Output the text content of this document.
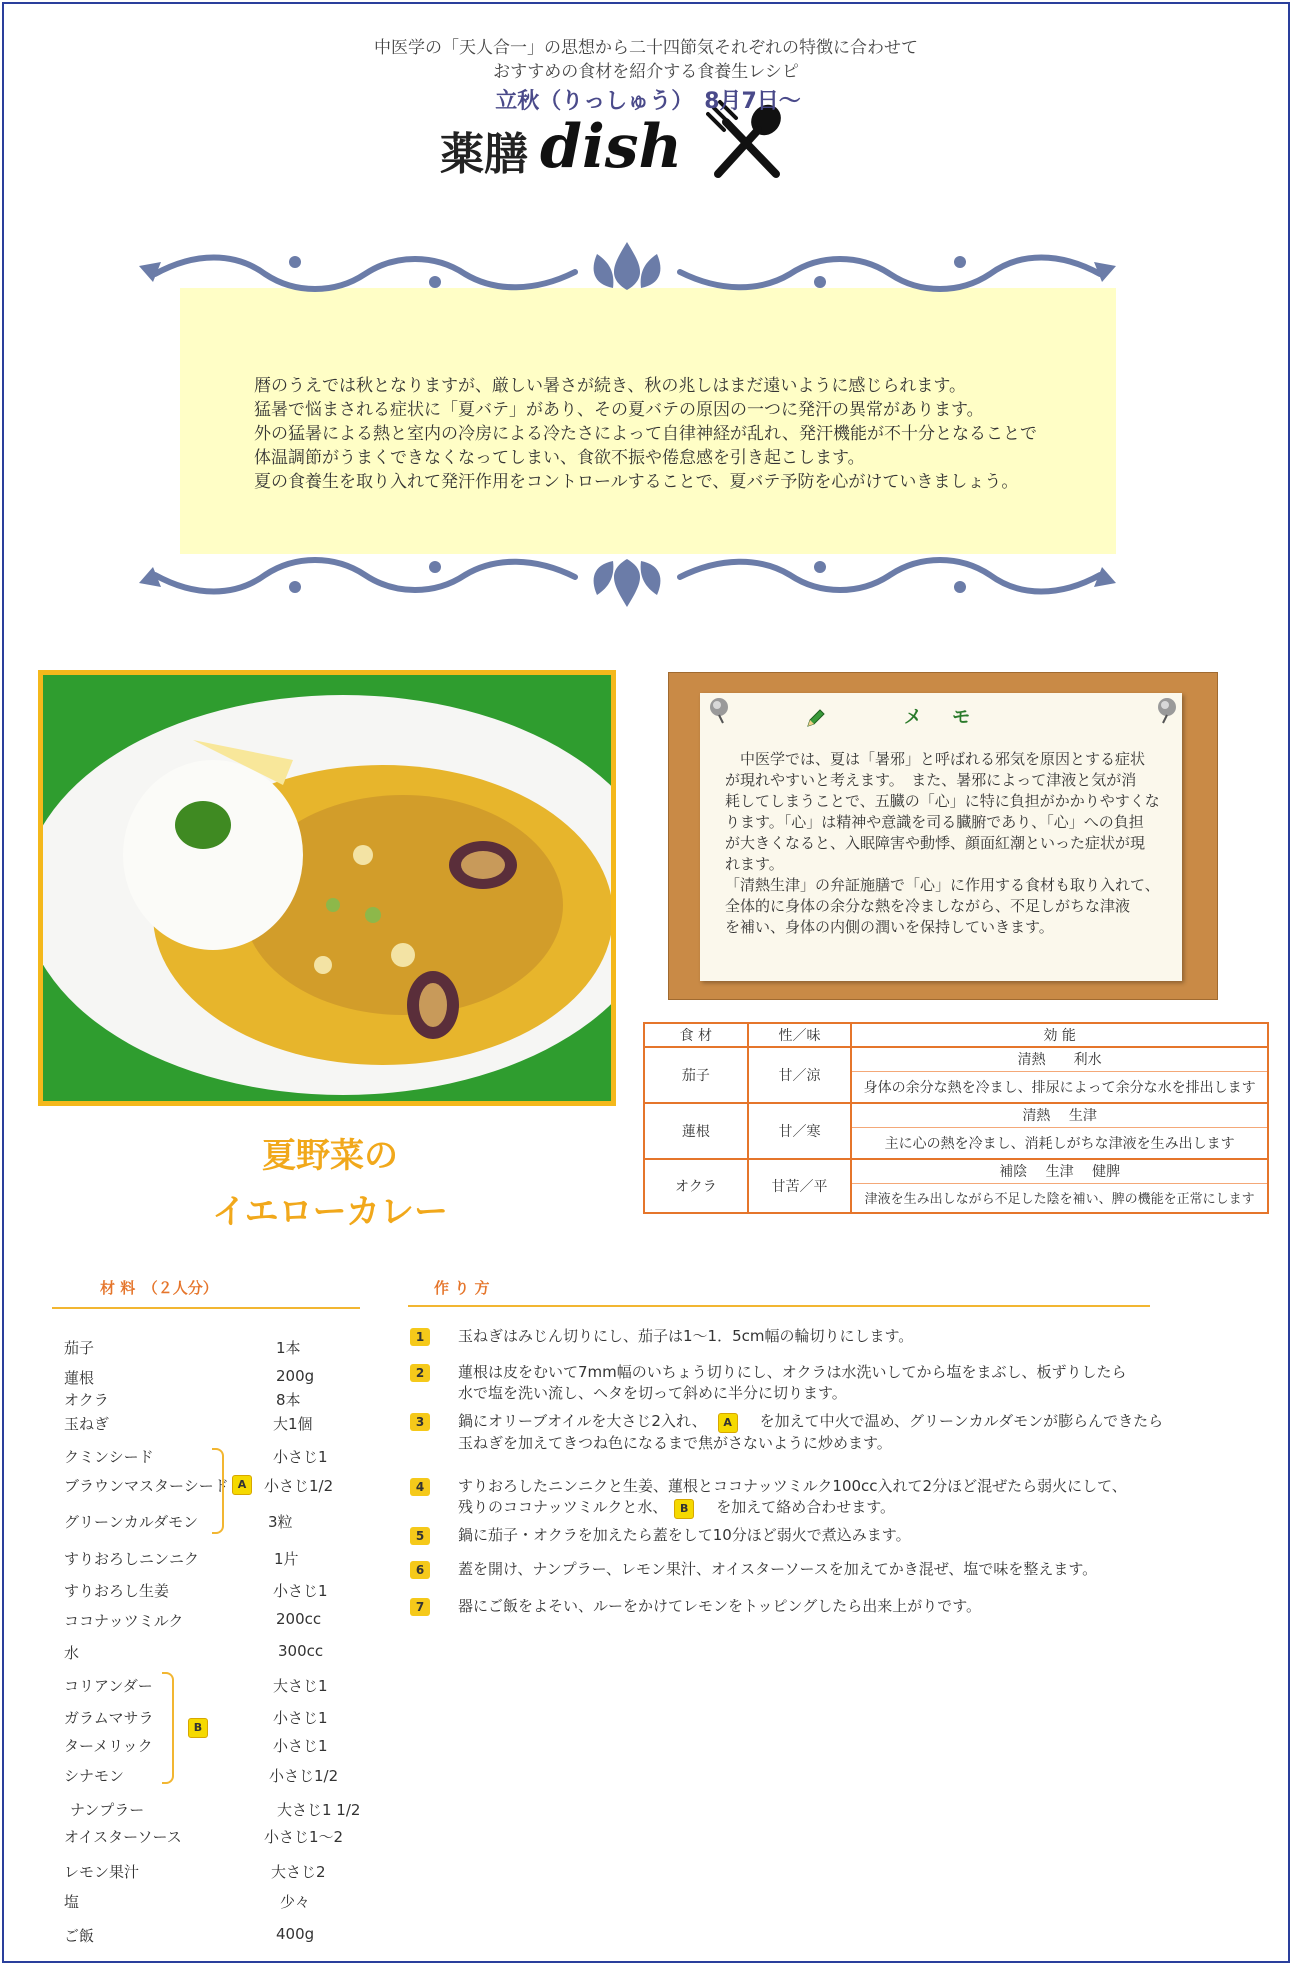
中医学の「天人合一」の思想から二十四節気それぞれの特徴に合わせて
おすすめの食材を紹介する食養生レシピ
薬膳 dish
立秋（りっしゅう）　8月7日～
暦のうえでは秋となりますが、厳しい暑さが続き、秋の兆しはまだ遠いように感じられます。
猛暑で悩まされる症状に「夏バテ」があり、その夏バテの原因の一つに発汗の異常があります。
外の猛暑による熱と室内の冷房による冷たさによって自律神経が乱れ、発汗機能が不十分となることで
体温調節がうまくできなくなってしまい、食欲不振や倦怠感を引き起こします。
夏の食養生を取り入れて発汗作用をコントロールすることで、夏バテ予防を心がけていきましょう。
夏野菜の
イエローカレー
メ モ
　中医学では、夏は「暑邪」と呼ばれる邪気を原因とする症状
が現れやすいと考えます。　また、暑邪によって津液と気が消
耗してしまうことで、五臓の「心」に特に負担がかかりやすくな
ります。「心」は精神や意識を司る臓腑であり、「心」への負担
が大きくなると、入眠障害や動悸、顔面紅潮といった症状が現
れます。
「清熱生津」の弁証施膳で「心」に作用する食材も取り入れて、
全体的に身体の余分な熱を冷ましながら、不足しがちな津液
を補い、身体の内側の潤いを保持していきます。
食 材	性／味	効 能
茄子	甘／涼	清熱　　利水
		身体の余分な熱を冷まし、排尿によって余分な水を排出します
蓮根	甘／寒	清熱　 生津
		主に心の熱を冷まし、消耗しがちな津液を生み出します
オクラ	甘苦／平	補陰　 生津　 健脾
		津液を生み出しながら不足した陰を補い、脾の機能を正常にします
材 料　（２人分）	作 り 方
茄子	1本
蓮根	200g
オクラ	8本
玉ねぎ	大1個
クミンシード	小さじ1
ブラウンマスターシード 小さじ1/2
グリーンカルダモン	3粒
A
すりおろしニンニク	1片
すりおろし生姜	小さじ1
ココナッツミルク	200cc
水	300cc
コリアンダー	大さじ1
ガラムマサラ	小さじ1
ターメリック	小さじ1
シナモン	小さじ1/2
B
ナンプラー	大さじ1 1/2
オイスターソース	小さじ1～2
レモン果汁	大さじ2
塩	少々
ご飯	400g
1	玉ねぎはみじん切りにし、茄子は1～1．5cm幅の輪切りにします。
2	蓮根は皮をむいて7mm幅のいちょう切りにし、オクラは水洗いしてから塩をまぶし、板ずりしたら
水で塩を洗い流し、ヘタを切って斜めに半分に切ります。
3	鍋にオリーブオイルを大さじ2入れ、 A を加えて中火で温め、グリーンカルダモンが膨らんできたら
玉ねぎを加えてきつね色になるまで焦がさないように炒めます。
4	すりおろしたニンニクと生姜、蓮根とココナッツミルク100cc入れて2分ほど混ぜたら弱火にして、
残りのココナッツミルクと水、 B を加えて絡め合わせます。
5	鍋に茄子・オクラを加えたら蓋をして10分ほど弱火で煮込みます。
6	蓋を開け、ナンプラー、レモン果汁、オイスターソースを加えてかき混ぜ、塩で味を整えます。
7	器にご飯をよそい、ルーをかけてレモンをトッピングしたら出来上がりです。
